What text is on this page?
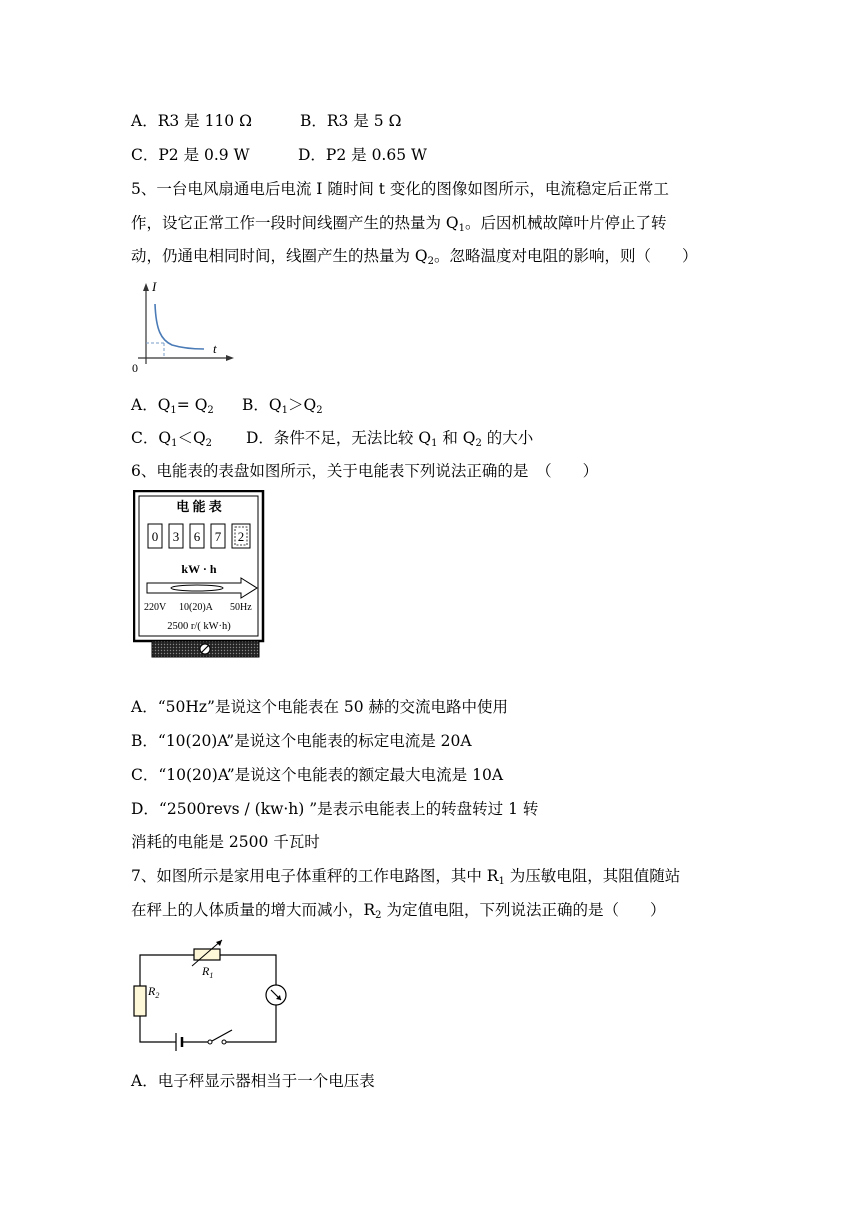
A．R3 是 110 Ω	B．R3 是 5 Ω
C．P2 是 0.9 W	D．P2 是 0.65 W
5、一台电风扇通电后电流 I 随时间 t 变化的图像如图所示，电流稳定后正常工
作，设它正常工作一段时间线圈产生的热量为 $Q_1$。后因机械故障叶片停止了转
动，仍通电相同时间，线圈产生的热量为 $Q_2$。忽略温度对电阻的影响，则（　　）
I
t
0
A．$Q_1= Q_2$ B．$Q_1>Q_2$
C．$Q_1<Q_2$ D．条件不足，无法比较 $Q_1$ 和 $Q_2$ 的大小
6、电能表的表盘如图所示，关于电能表下列说法正确的是　（　　）
电 能 表
0 3 6 7 2
kW · h
220V 10(20)A 50Hz
2500 r/( kW·h)
A．“50Hz”是说这个电能表在 50 赫的交流电路中使用
B．“10(20)A”是说这个电能表的标定电流是 20A
C．“10(20)A”是说这个电能表的额定最大电流是 10A
D．“2500revs / (kw·h) ”是表示电能表上的转盘转过 1 转
消耗的电能是 2500 千瓦时
7、如图所示是家用电子体重秤的工作电路图，其中 $R_1$ 为压敏电阻，其阻值随站
在秤上的人体质量的增大而减小，$R_2$ 为定值电阻，下列说法正确的是（　　）
$R_1$
$R_2$
A．电子秤显示器相当于一个电压表
